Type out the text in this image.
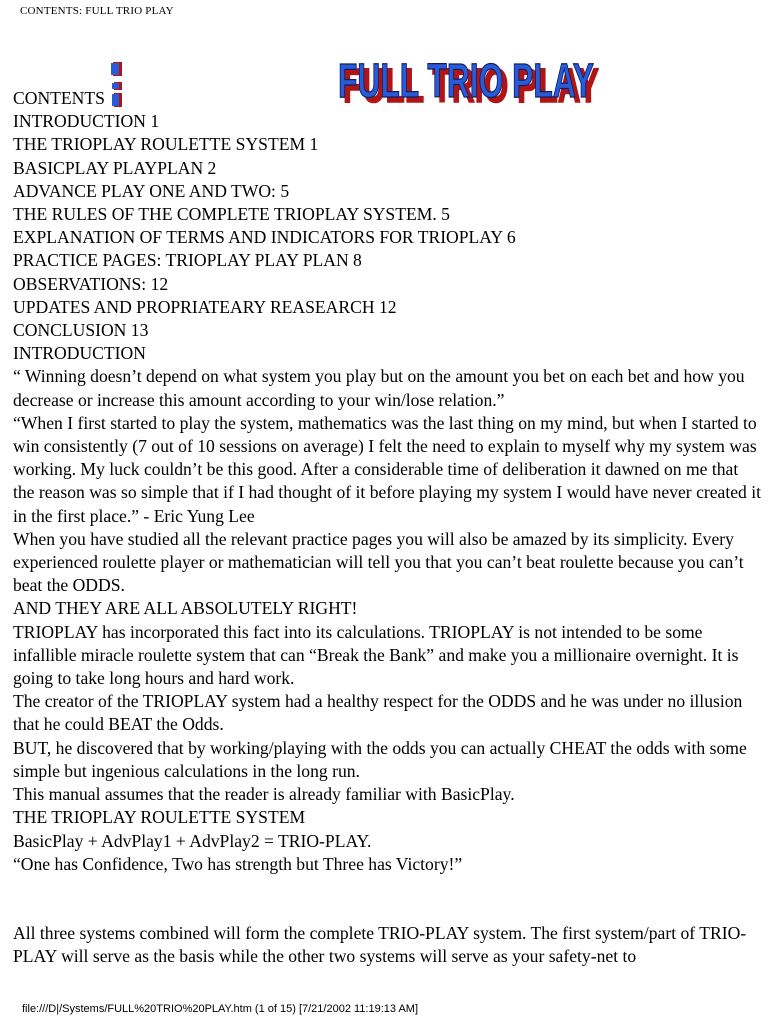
CONTENTS: FULL TRIO PLAY
FULL TRIO PLAY
FULL TRIO PLAY

CONTENTS

INTRODUCTION 1

THE TRIOPLAY ROULETTE SYSTEM 1

BASICPLAY PLAYPLAN 2

ADVANCE PLAY ONE AND TWO: 5

THE RULES OF THE COMPLETE TRIOPLAY SYSTEM. 5

EXPLANATION OF TERMS AND INDICATORS FOR TRIOPLAY 6

PRACTICE PAGES: TRIOPLAY PLAY PLAN 8

OBSERVATIONS: 12

UPDATES AND PROPRIATEARY REASEARCH 12

CONCLUSION 13

INTRODUCTION

“ Winning doesn’t depend on what system you play but on the amount you bet on each bet and how you decrease or increase this amount according to your win/lose relation.”

“When I first started to play the system, mathematics was the last thing on my mind, but when I started to win consistently (7 out of 10 sessions on average) I felt the need to explain to myself why my system was working. My luck couldn’t be this good. After a considerable time of deliberation it dawned on me that the reason was so simple that if I had thought of it before playing my system I would have never created it in the first place.” - Eric Yung Lee

When you have studied all the relevant practice pages you will also be amazed by its simplicity. Every experienced roulette player or mathematician will tell you that you can’t beat roulette because you can’t beat the ODDS.

AND THEY ARE ALL ABSOLUTELY RIGHT!

TRIOPLAY has incorporated this fact into its calculations. TRIOPLAY is not intended to be some infallible miracle roulette system that can “Break the Bank” and make you a millionaire overnight. It is going to take long hours and hard work.

The creator of the TRIOPLAY system had a healthy respect for the ODDS and he was under no illusion that he could BEAT the Odds.

BUT, he discovered that by working/playing with the odds you can actually CHEAT the odds with some simple but ingenious calculations in the long run.

This manual assumes that the reader is already familiar with BasicPlay.

THE TRIOPLAY ROULETTE SYSTEM

BasicPlay + AdvPlay1 + AdvPlay2 = TRIO-PLAY.

“One has Confidence, Two has strength but Three has Victory!”

All three systems combined will form the complete TRIO-PLAY system. The first system/part of TRIO-PLAY will serve as the basis while the other two systems will serve as your safety-net to

file:///D|/Systems/FULL%20TRIO%20PLAY.htm (1 of 15) [7/21/2002 11:19:13 AM]
